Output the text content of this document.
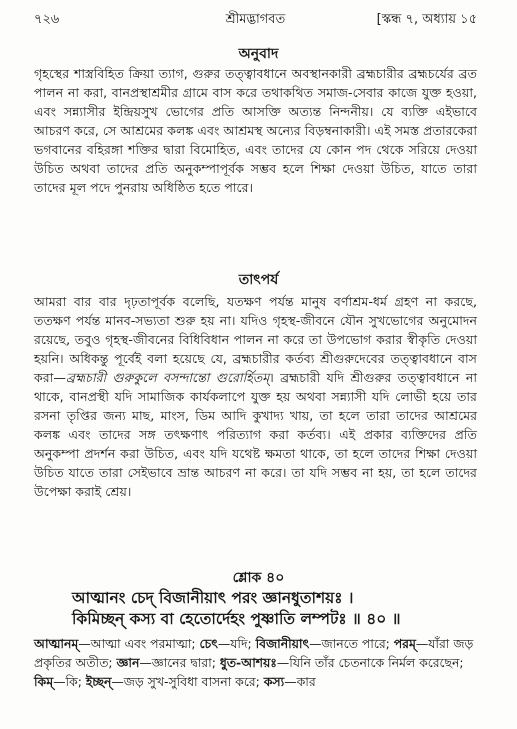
৭২৬	শ্রীমদ্ভাগবত	[স্কন্ধ ৭, অধ্যায় ১৫
অনুবাদ

গৃহস্থের শাস্ত্রবিহিত ক্রিয়া ত্যাগ, গুরুর তত্ত্বাবধানে অবস্থানকারী ব্রহ্মচারীর ব্রহ্মচর্যের ব্রত পালন না করা, বানপ্রস্থাশ্রমীর গ্রামে বাস করে তথাকথিত সমাজ-সেবার কাজে যুক্ত হওয়া, এবং সন্ন্যাসীর ইন্দ্রিয়সুখ ভোগের প্রতি আসক্তি অত্যন্ত নিন্দনীয়। যে ব্যক্তি এইভাবে আচরণ করে, সে আশ্রমের কলঙ্ক এবং আশ্রমস্থ অন্যের বিড়ম্বনাকারী। এই সমস্ত প্রতারকেরা ভগবানের বহিরঙ্গা শক্তির দ্বারা বিমোহিত, এবং তাদের যে কোন পদ থেকে সরিয়ে দেওয়া উচিত অথবা তাদের প্রতি অনুকম্পাপূর্বক সম্ভব হলে শিক্ষা দেওয়া উচিত, যাতে তারা তাদের মূল পদে পুনরায় অধিষ্ঠিত হতে পারে।

তাৎপর্য

আমরা বার বার দৃঢ়তাপূর্বক বলেছি, যতক্ষণ পর্যন্ত মানুষ বর্ণাশ্রম-ধর্ম গ্রহণ না করছে, ততক্ষণ পর্যন্ত মানব-সভ্যতা শুরু হয় না। যদিও গৃহস্থ-জীবনে যৌন সুখভোগের অনুমোদন রয়েছে, তবুও গৃহস্থ-জীবনের বিধিবিধান পালন না করে তা উপভোগ করার স্বীকৃতি দেওয়া হয়নি। অধিকন্তু পূর্বেই বলা হয়েছে যে, ব্রহ্মচারীর কর্তব্য শ্রীগুরুদেবের তত্ত্বাবধানে বাস করা—ব্রহ্মচারী গুরুকুলে বসন্দান্তো গুরোর্হিতম্। ব্রহ্মচারী যদি শ্রীগুরুর তত্ত্বাবধানে না থাকে, বানপ্রস্থী যদি সামাজিক কার্যকলাপে যুক্ত হয় অথবা সন্ন্যাসী যদি লোভী হয়ে তার রসনা তৃপ্তির জন্য মাছ, মাংস, ডিম আদি কুখাদ্য খায়, তা হলে তারা তাদের আশ্রমের কলঙ্ক এবং তাদের সঙ্গ তৎক্ষণাৎ পরিত্যাগ করা কর্তব্য। এই প্রকার ব্যক্তিদের প্রতি অনুকম্পা প্রদর্শন করা উচিত, এবং যদি যথেষ্ট ক্ষমতা থাকে, তা হলে তাদের শিক্ষা দেওয়া উচিত যাতে তারা সেইভাবে ভ্রান্ত আচরণ না করে। তা যদি সম্ভব না হয়, তা হলে তাদের উপেক্ষা করাই শ্রেয়।

শ্লোক ৪০
আত্মানং চেদ্ বিজানীয়াৎ পরং জ্ঞানধুতাশয়ঃ ।
কিমিচ্ছন্ কস্য বা হেতোর্দেহং পুষ্ণাতি লম্পটঃ ॥ ৪০ ॥

আত্মানম্—আত্মা এবং পরমাত্মা; চেৎ—যদি; বিজানীয়াৎ—জানতে পারে; পরম্—যাঁরা জড় প্রকৃতির অতীত; জ্ঞান—জ্ঞানের দ্বারা; ধুত-আশয়ঃ—যিনি তাঁর চেতনাকে নির্মল করেছেন; কিম্—কি; ইচ্ছন্—জড় সুখ-সুবিধা বাসনা করে; কস্য—কার
